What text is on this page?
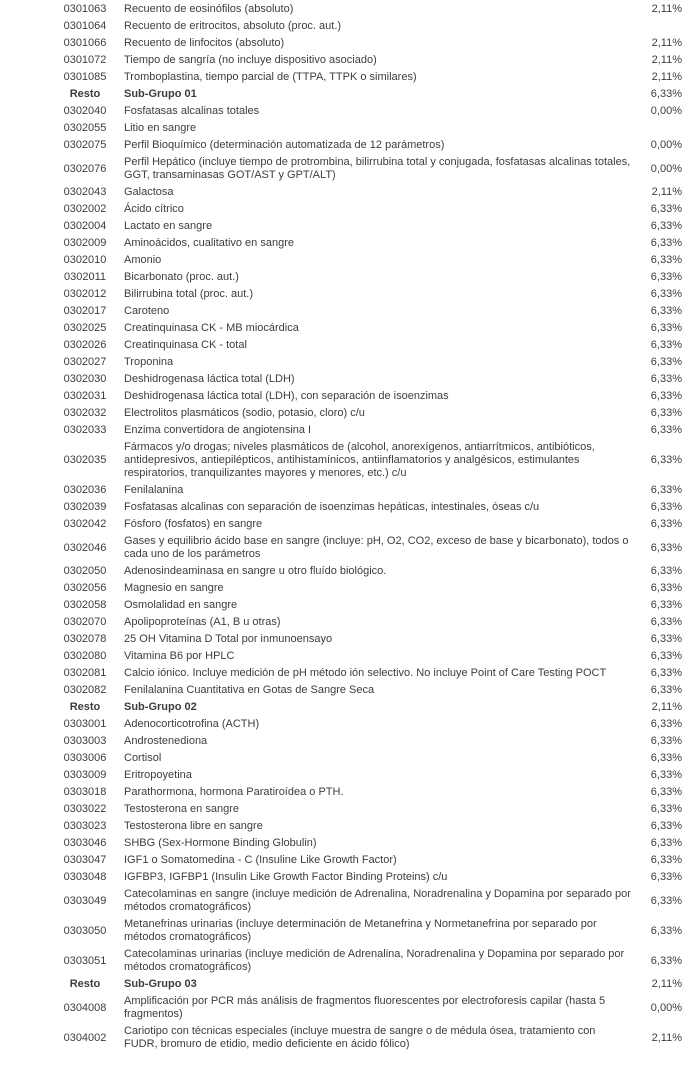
0301063	Recuento de eosinófilos (absoluto)	2,11%
0301064	Recuento de eritrocitos, absoluto (proc. aut.)	
0301066	Recuento de linfocitos (absoluto)	2,11%
0301072	Tiempo de sangría (no incluye dispositivo asociado)	2,11%
0301085	Tromboplastina, tiempo parcial de (TTPA, TTPK o similares)	2,11%
Resto	Sub-Grupo 01	6,33%
0302040	Fosfatasas alcalinas totales	0,00%
0302055	Litio en sangre	
0302075	Perfil Bioquímico (determinación automatizada de 12 parámetros)	0,00%
0302076	Perfil Hepático (incluye tiempo de protrombina, bilirrubina total y conjugada, fosfatasas alcalinas totales, GGT, transaminasas GOT/AST y GPT/ALT)	0,00%
0302043	Galactosa	2,11%
0302002	Ácido cítrico	6,33%
0302004	Lactato en sangre	6,33%
0302009	Aminoácidos, cualitativo en sangre	6,33%
0302010	Amonio	6,33%
0302011	Bicarbonato (proc. aut.)	6,33%
0302012	Bilirrubina total (proc. aut.)	6,33%
0302017	Caroteno	6,33%
0302025	Creatinquinasa CK - MB miocárdica	6,33%
0302026	Creatinquinasa CK - total	6,33%
0302027	Troponina	6,33%
0302030	Deshidrogenasa láctica total (LDH)	6,33%
0302031	Deshidrogenasa láctica total (LDH), con separación de isoenzimas	6,33%
0302032	Electrolitos plasmáticos (sodio, potasio, cloro) c/u	6,33%
0302033	Enzima convertidora de angiotensina I	6,33%
0302035	Fármacos y/o drogas; niveles plasmáticos de (alcohol, anorexígenos, antiarrítmicos, antibióticos, antidepresivos, antiepilépticos, antihistamínicos, antiinflamatorios y analgésicos, estimulantes respiratorios, tranquilizantes mayores y menores, etc.) c/u	6,33%
0302036	Fenilalanina	6,33%
0302039	Fosfatasas alcalinas con separación de isoenzimas hepáticas, intestinales, óseas c/u	6,33%
0302042	Fósforo (fosfatos) en sangre	6,33%
0302046	Gases y equilibrio ácido base en sangre (incluye: pH, O2, CO2, exceso de base y bicarbonato), todos o cada uno de los parámetros	6,33%
0302050	Adenosindeaminasa en sangre u otro fluído biológico.	6,33%
0302056	Magnesio en sangre	6,33%
0302058	Osmolalidad en sangre	6,33%
0302070	Apolipoproteínas (A1, B u otras)	6,33%
0302078	25 OH Vitamina D Total por inmunoensayo	6,33%
0302080	Vitamina B6 por HPLC	6,33%
0302081	Calcio iónico. Incluye medición de pH método ión selectivo. No incluye Point of Care Testing POCT	6,33%
0302082	Fenilalanina Cuantitativa en Gotas de Sangre Seca	6,33%
Resto	Sub-Grupo 02	2,11%
0303001	Adenocorticotrofina (ACTH)	6,33%
0303003	Androstenediona	6,33%
0303006	Cortisol	6,33%
0303009	Eritropoyetina	6,33%
0303018	Parathormona, hormona Paratiroídea o PTH.	6,33%
0303022	Testosterona en sangre	6,33%
0303023	Testosterona libre en sangre	6,33%
0303046	SHBG (Sex-Hormone Binding Globulin)	6,33%
0303047	IGF1 o Somatomedina - C (Insuline Like Growth Factor)	6,33%
0303048	IGFBP3, IGFBP1 (Insulin Like Growth Factor Binding Proteins) c/u	6,33%
0303049	Catecolaminas en sangre (incluye medición de Adrenalina, Noradrenalina y Dopamina por separado por métodos cromatográficos)	6,33%
0303050	Metanefrinas urinarias (incluye determinación de Metanefrina y Normetanefrina por separado por métodos cromatográficos)	6,33%
0303051	Catecolaminas urinarias (incluye medición de Adrenalina, Noradrenalina y Dopamina por separado por métodos cromatográficos)	6,33%
Resto	Sub-Grupo 03	2,11%
0304008	Amplificación por PCR más análisis de fragmentos fluorescentes por electroforesis capilar (hasta 5 fragmentos)	0,00%
0304002	Cariotipo con técnicas especiales (incluye muestra de sangre o de médula ósea, tratamiento con FUDR, bromuro de etidio, medio deficiente en ácido fólico)	2,11%
